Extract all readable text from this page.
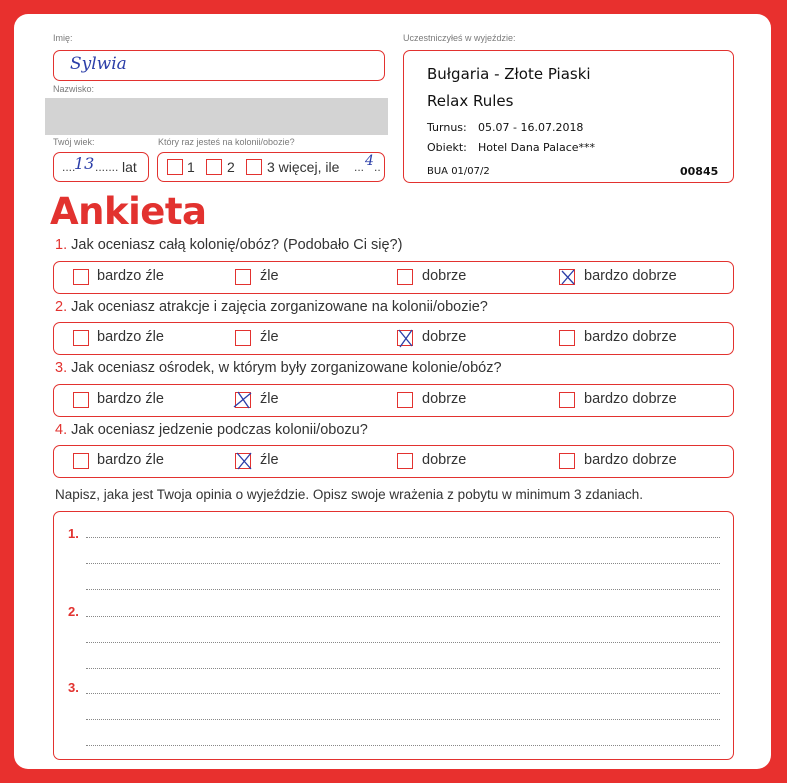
Imię:
Sylwia
Nazwisko:
Twój wiek:
....
13 ....... lat
Który raz jesteś na kolonii/obozie?
1 2 3 więcej, ile ... 4 ..
Uczestniczyłeś w wyjeździe:
Bułgaria - Złote Piaski
Relax Rules
Turnus: 05.07 - 16.07.2018
Obiekt: Hotel Dana Palace***
BUA 01/07/2	00845
Ankieta
1. Jak oceniasz całą kolonię/obóz? (Podobało Ci się?)
bardzo źle	źle	dobrze	bardzo dobrze
2. Jak oceniasz atrakcje i zajęcia zorganizowane na kolonii/obozie?
bardzo źle	źle	dobrze	bardzo dobrze
3. Jak oceniasz ośrodek, w którym były zorganizowane kolonie/obóz?
bardzo źle	źle	dobrze	bardzo dobrze
4. Jak oceniasz jedzenie podczas kolonii/obozu?
bardzo źle	źle	dobrze	bardzo dobrze
Napisz, jaka jest Twoja opinia o wyjeździe. Opisz swoje wrażenia z pobytu w minimum 3 zdaniach.
1.
2.
3.
